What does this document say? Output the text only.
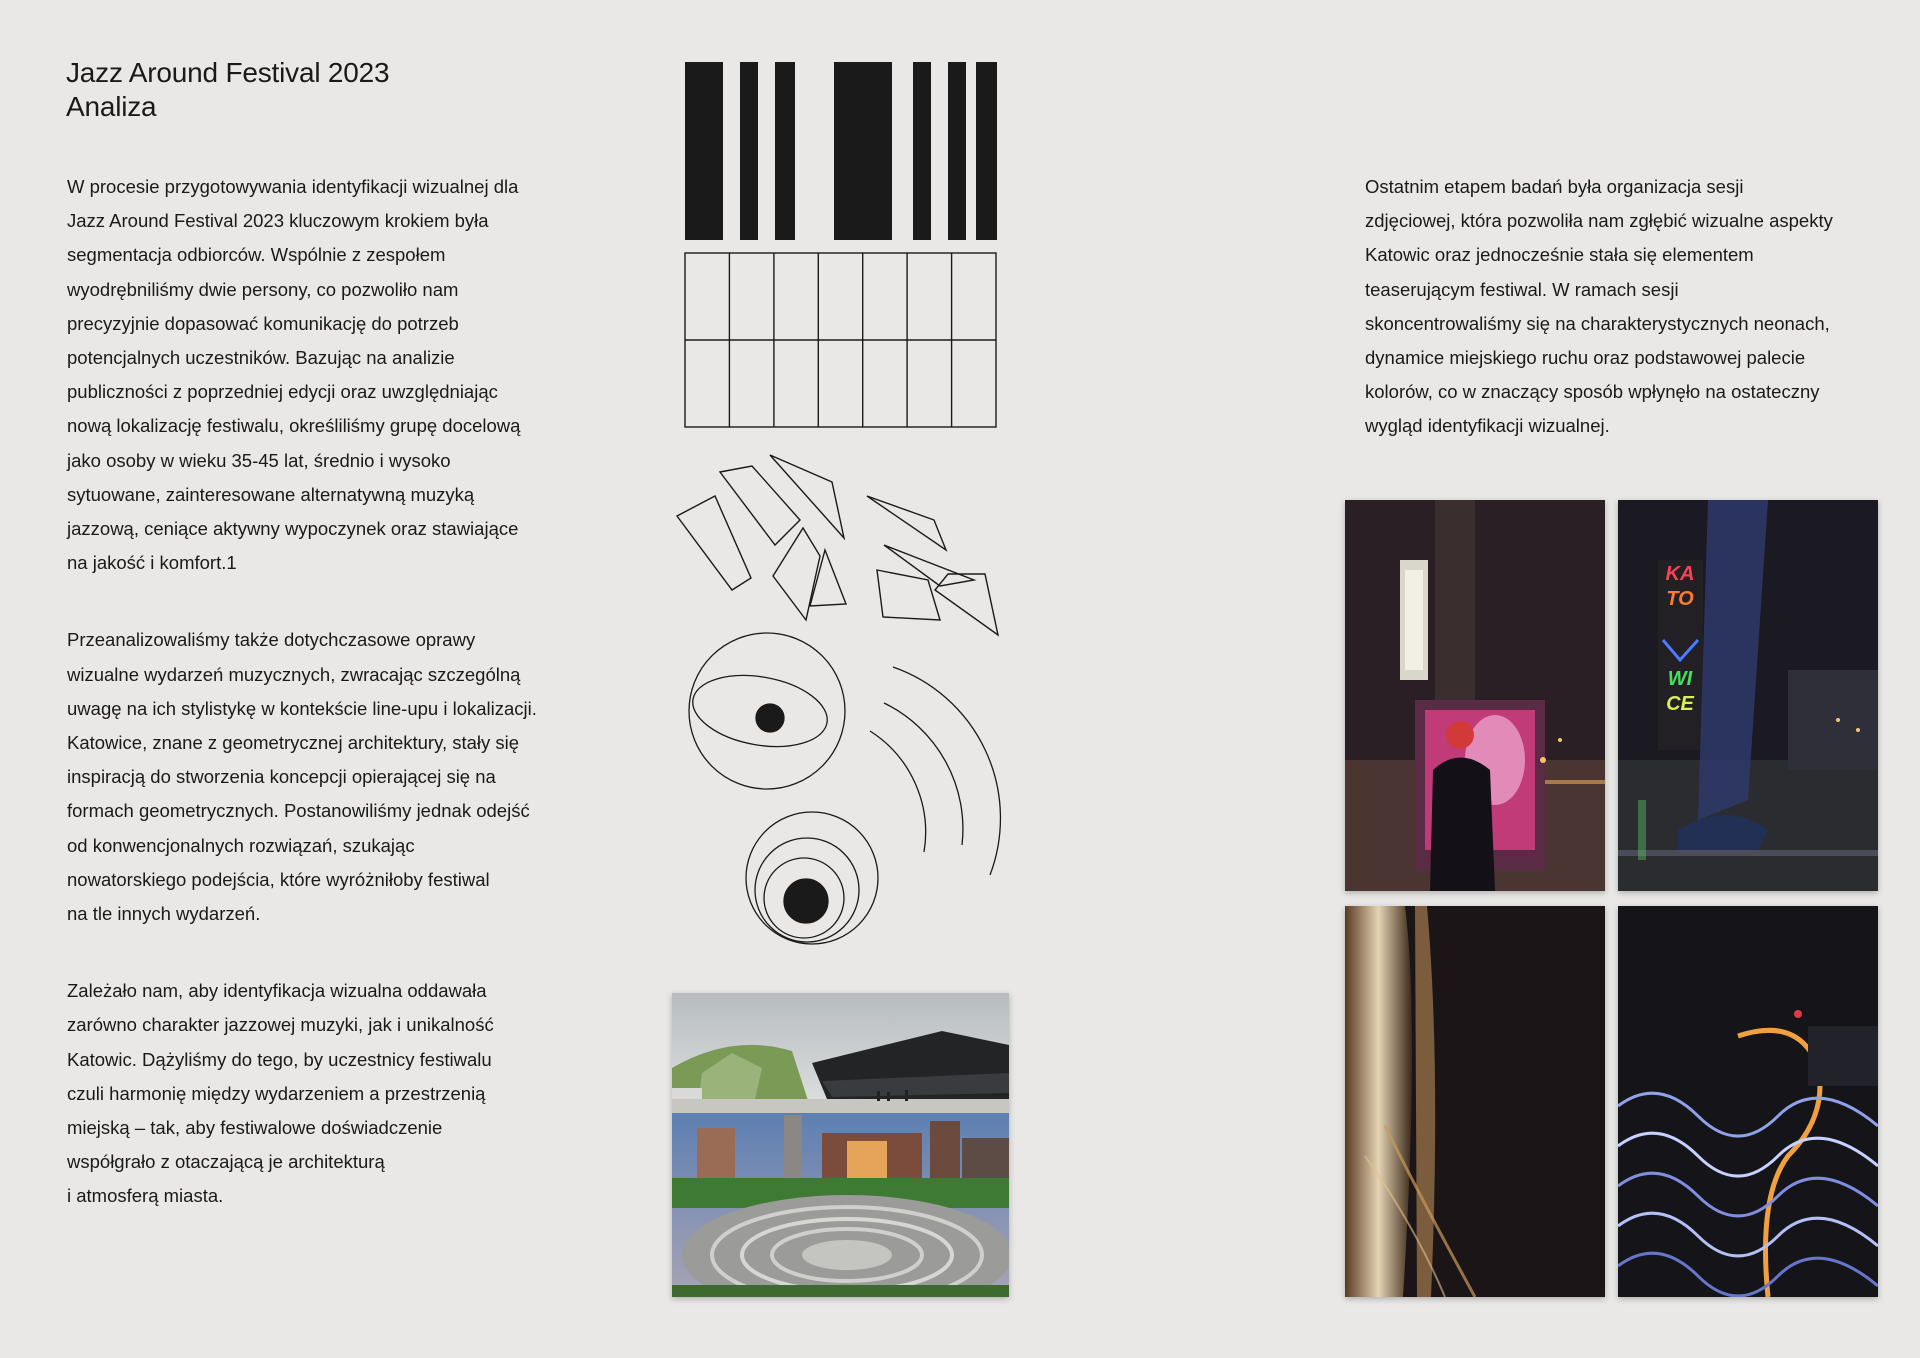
Jazz Around Festival 2023
Analiza

W procesie przygotowywania identyfikacji wizualnej dla
Jazz Around Festival 2023 kluczowym krokiem była
segmentacja odbiorców. Wspólnie z zespołem
wyodrębniliśmy dwie persony, co pozwoliło nam
precyzyjnie dopasować komunikację do potrzeb
potencjalnych uczestników. Bazując na analizie
publiczności z poprzedniej edycji oraz uwzględniając
nową lokalizację festiwalu, określiliśmy grupę docelową
jako osoby w wieku 35-45 lat, średnio i wysoko
sytuowane, zainteresowane alternatywną muzyką
jazzową, ceniące aktywny wypoczynek oraz stawiające
na jakość i komfort.1

Przeanalizowaliśmy także dotychczasowe oprawy
wizualne wydarzeń muzycznych, zwracając szczególną
uwagę na ich stylistykę w kontekście line-upu i lokalizacji.
Katowice, znane z geometrycznej architektury, stały się
inspiracją do stworzenia koncepcji opierającej się na
formach geometrycznych. Postanowiliśmy jednak odejść
od konwencjonalnych rozwiązań, szukając
nowatorskiego podejścia, które wyróżniłoby festiwal
na tle innych wydarzeń.

Zależało nam, aby identyfikacja wizualna oddawała
zarówno charakter jazzowej muzyki, jak i unikalność
Katowic. Dążyliśmy do tego, by uczestnicy festiwalu
czuli harmonię między wydarzeniem a przestrzenią
miejską – tak, aby festiwalowe doświadczenie
współgrało z otaczającą je architekturą
i atmosferą miasta.

Ostatnim etapem badań była organizacja sesji
zdjęciowej, która pozwoliła nam zgłębić wizualne aspekty
Katowic oraz jednocześnie stała się elementem
teaserującym festiwal. W ramach sesji
skoncentrowaliśmy się na charakterystycznych neonach,
dynamice miejskiego ruchu oraz podstawowej palecie
kolorów, co w znaczący sposób wpłynęło na ostateczny
wygląd identyfikacji wizualnej.

KA
TO
WI
CE
